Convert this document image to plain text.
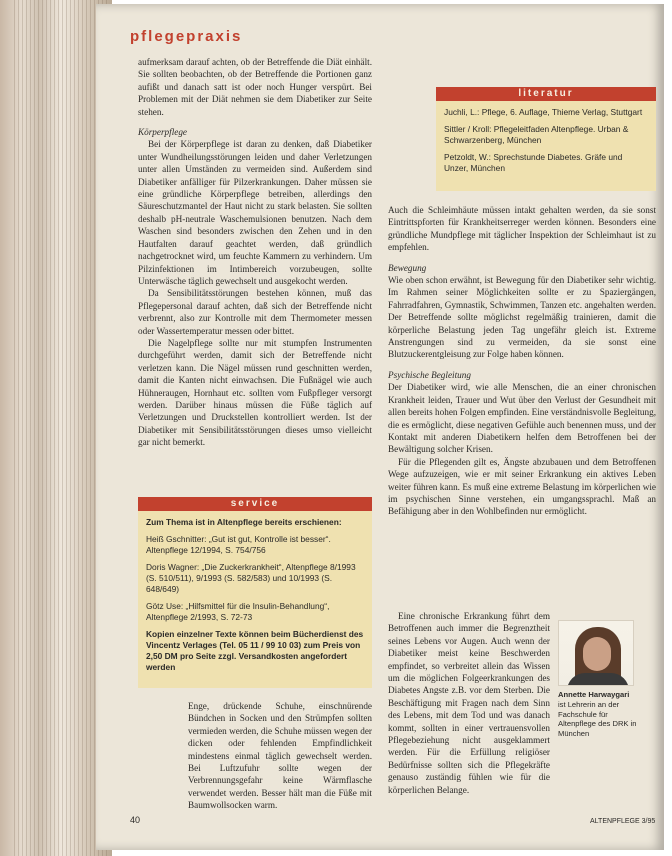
pflegepraxis

aufmerksam darauf achten, ob der Betreffende die Diät einhält. Sie sollten beobachten, ob der Betreffende die Portionen ganz aufißt und danach satt ist oder noch Hunger verspürt. Bei Problemen mit der Diät nehmen sie dem Diabetiker zur Seite stehen.

Körperpflege

Bei der Körperpflege ist daran zu denken, daß Diabetiker unter Wundheilungsstörungen leiden und daher Verletzungen unter allen Umständen zu vermeiden sind. Außerdem sind Diabetiker anfälliger für Pilzerkrankungen. Daher müssen sie eine gründliche Körperpflege betreiben, allerdings den Säureschutzmantel der Haut nicht zu stark belasten. Sie sollten deshalb pH-neutrale Waschemulsionen benutzen. Nach dem Waschen sind besonders zwischen den Zehen und in den Hautfalten darauf geachtet werden, daß gründlich nachgetrocknet wird, um feuchte Kammern zu verhindern. Um Pilzinfektionen im Intimbereich vorzubeugen, sollte Unterwäsche täglich gewechselt und ausgekocht werden.

Da Sensibilitätsstörungen bestehen können, muß das Pflegepersonal darauf achten, daß sich der Betreffende nicht verbrennt, also zur Kontrolle mit dem Thermometer messen oder Wassertemperatur messen oder bittet.

Die Nagelpflege sollte nur mit stumpfen Instrumenten durchgeführt werden, damit sich der Betreffende nicht verletzen kann. Die Nägel müssen rund geschnitten werden, damit die Kanten nicht einwachsen. Die Fußnägel wie auch Hühneraugen, Hornhaut etc. sollten vom Fußpfleger versorgt werden. Darüber hinaus müssen die Füße täglich auf Verletzungen und Druckstellen kontrolliert werden. Ist der Diabetiker mit Sensibilitätsstörungen dieses umso vielleicht gar nicht bemerkt.

literatur
Juchli, L.: Pflege, 6. Auflage, Thieme Verlag, Stuttgart
Sittler / Kroll: Pflegeleitfaden Altenpflege. Urban & Schwarzenberg, München
Petzoldt, W.: Sprechstunde Diabetes. Gräfe und Unzer, München

Auch die Schleimhäute müssen intakt gehalten werden, da sie sonst Eintrittspforten für Krankheitserreger werden können. Besonders eine gründliche Mundpflege mit täglicher Inspektion der Schleimhaut ist zu empfehlen.

Bewegung

Wie oben schon erwähnt, ist Bewegung für den Diabetiker sehr wichtig. Im Rahmen seiner Möglichkeiten sollte er zu Spaziergängen, Fahrradfahren, Gymnastik, Schwimmen, Tanzen etc. angehalten werden. Der Betreffende sollte möglichst regelmäßig trainieren, damit die körperliche Belastung jeden Tag ungefähr gleich ist. Extreme Anstrengungen sind zu vermeiden, da sie sonst eine Blutzuckerentgleisung zur Folge haben können.

Psychische Begleitung

Der Diabetiker wird, wie alle Menschen, die an einer chronischen Krankheit leiden, Trauer und Wut über den Verlust der Gesundheit mit allen bereits hohen Folgen empfinden. Eine verständnisvolle Begleitung, die es ermöglicht, diese negativen Gefühle auch benennen muss, und der Kontakt mit anderen Diabetikern helfen dem Betroffenen bei der Bewältigung solcher Krisen.

Für die Pflegenden gilt es, Ängste abzubauen und dem Betroffenen Wege aufzuzeigen, wie er mit seiner Erkrankung ein aktives Leben weiter führen kann. Es muß eine extreme Belastung im körperlichen wie im psychischen Sinne verstehen, ein umgangssprachl. Maß an Befähigung aber in den Wohlbefinden nur ermöglicht.

Eine chronische Erkrankung führt dem Betroffenen auch immer die Begrenztheit seines Lebens vor Augen. Auch wenn der Diabetiker meist keine Beschwerden empfindet, so verbreitet allein das Wissen um die möglichen Folgeerkrankungen des Diabetes Angste z.B. vor dem Sterben. Die Beschäftigung mit Fragen nach dem Sinn des Lebens, mit dem Tod und was danach kommt, sollten in einer vertrauensvollen Pflegebeziehung nicht ausgeklammert werden. Für die Erfüllung religiöser Bedürfnisse sollten sich die Pflegekräfte genauso zuständig fühlen wie für die körperlichen Belange.

service
Zum Thema ist in Altenpflege bereits erschienen:
Heiß Gschnitter: „Gut ist gut, Kontrolle ist besser“. Altenpflege 12/1994, S. 754/756
Doris Wagner: „Die Zuckerkrankheit“, Altenpflege 8/1993 (S. 510/511), 9/1993 (S. 582/583) und 10/1993 (S. 648/649)
Götz Use: „Hilfsmittel für die Insulin-Behandlung“, Altenpflege 2/1993, S. 72-73
Kopien einzelner Texte können beim Bücherdienst des Vincentz Verlages (Tel. 05 11 / 99 10 03) zum Preis von 2,50 DM pro Seite zzgl. Versandkosten angefordert werden

Enge, drückende Schuhe, einschnürende Bündchen in Socken und den Strümpfen sollten vermieden werden, die Schuhe müssen wegen der dicken oder fehlenden Empfindlichkeit mindestens einmal täglich gewechselt werden. Bei Luftzufuhr sollte wegen der Verbrennungsgefahr keine Wärmflasche verwendet werden. Besser hält man die Füße mit Baumwollsocken warm.

Annette Harwaygari
ist Lehrerin an der Fachschule für Altenpflege des DRK in München
40	ALTENPFLEGE 3/95
